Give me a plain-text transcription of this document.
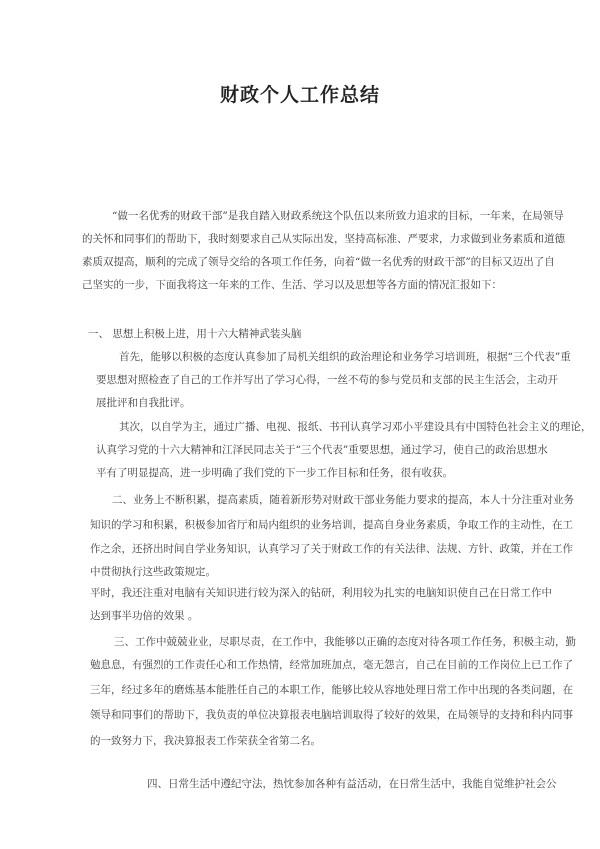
财政个人工作总结
“做一名优秀的财政干部”是我自踏入财政系统这个队伍以来所致力追求的目标，一年来，在局领导
的关怀和同事们的帮助下，我时刻要求自己从实际出发，坚持高标准、严要求，力求做到业务素质和道德
素质双提高，顺利的完成了领导交给的各项工作任务，向着“做一名优秀的财政干部”的目标又迈出了自
己坚实的一步，下面我将这一年来的工作、生活、学习以及思想等各方面的情况汇报如下：
一、 思想上积极上进，用十六大精神武装头脑
首先，能够以积极的态度认真参加了局机关组织的政治理论和业务学习培训班，根据“三个代表”重
要思想对照检查了自己的工作并写出了学习心得，一丝不苟的参与党员和支部的民主生活会，主动开
展批评和自我批评。
其次，以自学为主，通过广播、电视、报纸、书刊认真学习邓小平建设具有中国特色社会主义的理论，
认真学习党的十六大精神和江泽民同志关于“三个代表”重要思想，通过学习，使自己的政治思想水
平有了明显提高，进一步明确了我们党的下一步工作目标和任务，很有收获。
二、业务上不断积累，提高素质，随着新形势对财政干部业务能力要求的提高，本人十分注重对业务
知识的学习和积累，积极参加省厅和局内组织的业务培训，提高自身业务素质，争取工作的主动性，在工
作之余，还挤出时间自学业务知识，认真学习了关于财政工作的有关法律、法规、方针、政策，并在工作
中贯彻执行这些政策规定。
平时，我还注重对电脑有关知识进行较为深入的钻研，利用较为扎实的电脑知识使自己在日常工作中
达到事半功倍的效果 。
三、工作中兢兢业业，尽职尽责，在工作中，我能够以正确的态度对待各项工作任务，积极主动，勤
勉息息，有强烈的工作责任心和工作热情，经常加班加点，毫无怨言，自己在目前的工作岗位上已工作了
三年，经过多年的磨炼基本能胜任自己的本职工作，能够比较从容地处理日常工作中出现的各类问题，在
领导和同事们的帮助下，我负责的单位决算报表电脑培训取得了较好的效果，在局领导的支持和科内同事
的一致努力下，我决算报表工作荣获全省第二名。
四、日常生活中遵纪守法，热忱参加各种有益活动，在日常生活中，我能自觉维护社会公
